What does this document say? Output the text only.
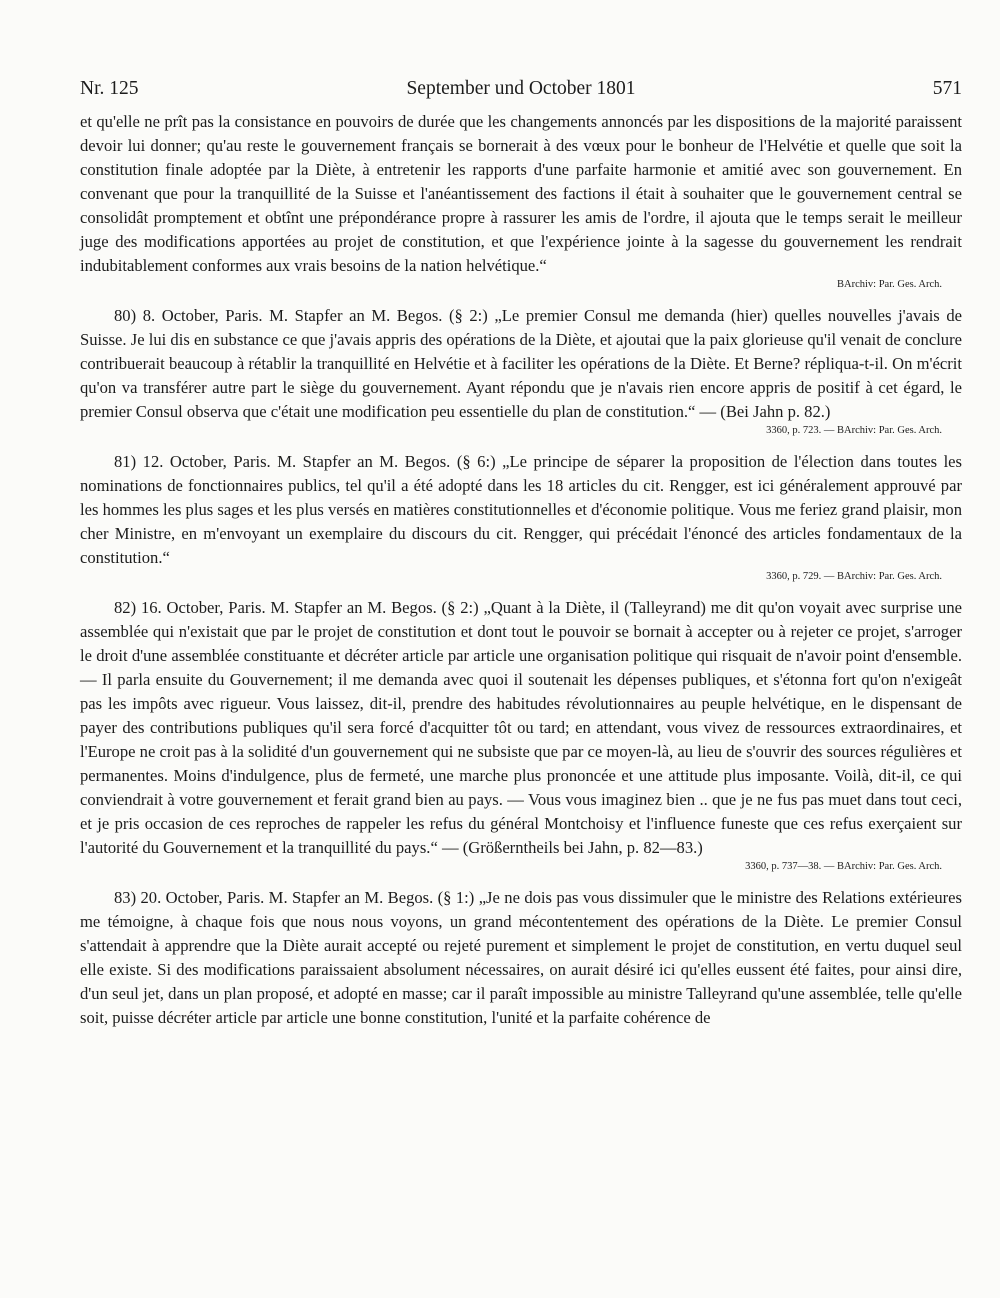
Nr. 125	September und October 1801	571

et qu'elle ne prît pas la consistance en pouvoirs de durée que les changements annoncés par les dispositions de la majorité paraissent devoir lui donner; qu'au reste le gouvernement français se bornerait à des vœux pour le bonheur de l'Helvétie et quelle que soit la constitution finale adoptée par la Diète, à entretenir les rapports d'une parfaite harmonie et amitié avec son gouvernement. En convenant que pour la tranquillité de la Suisse et l'anéantissement des factions il était à souhaiter que le gouvernement central se consolidât promptement et obtînt une prépondérance propre à rassurer les amis de l'ordre, il ajouta que le temps serait le meilleur juge des modifications apportées au projet de constitution, et que l'expérience jointe à la sagesse du gouvernement les rendrait indubitablement conformes aux vrais besoins de la nation helvétique.“

BArchiv: Par. Ges. Arch.

80) 8. October, Paris. M. Stapfer an M. Begos. (§ 2:) „Le premier Consul me demanda (hier) quelles nouvelles j'avais de Suisse. Je lui dis en substance ce que j'avais appris des opérations de la Diète, et ajoutai que la paix glorieuse qu'il venait de conclure contribuerait beaucoup à rétablir la tranquillité en Helvétie et à faciliter les opérations de la Diète. Et Berne? répliqua-t-il. On m'écrit qu'on va transférer autre part le siège du gouvernement. Ayant répondu que je n'avais rien encore appris de positif à cet égard, le premier Consul observa que c'était une modification peu essentielle du plan de constitution.“ — (Bei Jahn p. 82.)

3360, p. 723. — BArchiv: Par. Ges. Arch.

81) 12. October, Paris. M. Stapfer an M. Begos. (§ 6:) „Le principe de séparer la proposition de l'élection dans toutes les nominations de fonctionnaires publics, tel qu'il a été adopté dans les 18 articles du cit. Rengger, est ici généralement approuvé par les hommes les plus sages et les plus versés en matières constitutionnelles et d'économie politique. Vous me feriez grand plaisir, mon cher Ministre, en m'envoyant un exemplaire du discours du cit. Rengger, qui précédait l'énoncé des articles fondamentaux de la constitution.“

3360, p. 729. — BArchiv: Par. Ges. Arch.

82) 16. October, Paris. M. Stapfer an M. Begos. (§ 2:) „Quant à la Diète, il (Talleyrand) me dit qu'on voyait avec surprise une assemblée qui n'existait que par le projet de constitution et dont tout le pouvoir se bornait à accepter ou à rejeter ce projet, s'arroger le droit d'une assemblée constituante et décréter article par article une organisation politique qui risquait de n'avoir point d'ensemble. — Il parla ensuite du Gouvernement; il me demanda avec quoi il soutenait les dépenses publiques, et s'étonna fort qu'on n'exigeât pas les impôts avec rigueur. Vous laissez, dit-il, prendre des habitudes révolutionnaires au peuple helvétique, en le dispensant de payer des contributions publiques qu'il sera forcé d'acquitter tôt ou tard; en attendant, vous vivez de ressources extraordinaires, et l'Europe ne croit pas à la solidité d'un gouvernement qui ne subsiste que par ce moyen-là, au lieu de s'ouvrir des sources régulières et permanentes. Moins d'indulgence, plus de fermeté, une marche plus prononcée et une attitude plus imposante. Voilà, dit-il, ce qui conviendrait à votre gouvernement et ferait grand bien au pays. — Vous vous imaginez bien .. que je ne fus pas muet dans tout ceci, et je pris occasion de ces reproches de rappeler les refus du général Montchoisy et l'influence funeste que ces refus exerçaient sur l'autorité du Gouvernement et la tranquillité du pays.“ — (Größerntheils bei Jahn, p. 82—83.)

3360, p. 737—38. — BArchiv: Par. Ges. Arch.

83) 20. October, Paris. M. Stapfer an M. Begos. (§ 1:) „Je ne dois pas vous dissimuler que le ministre des Relations extérieures me témoigne, à chaque fois que nous nous voyons, un grand mécontentement des opérations de la Diète. Le premier Consul s'attendait à apprendre que la Diète aurait accepté ou rejeté purement et simplement le projet de constitution, en vertu duquel seul elle existe. Si des modifications paraissaient absolument nécessaires, on aurait désiré ici qu'elles eussent été faites, pour ainsi dire, d'un seul jet, dans un plan proposé, et adopté en masse; car il paraît impossible au ministre Talleyrand qu'une assemblée, telle qu'elle soit, puisse décréter article par article une bonne constitution, l'unité et la parfaite cohérence de
